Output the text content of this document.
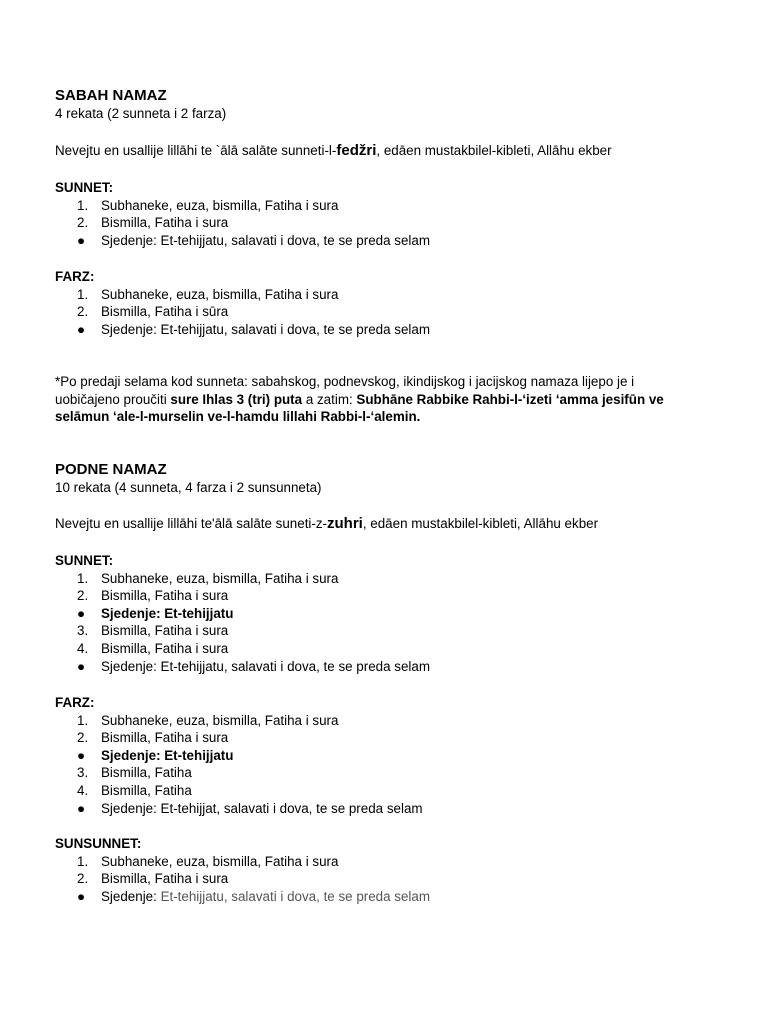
SABAH NAMAZ

4 rekata (2 sunneta i 2 farza)

Nevejtu en usallije lillāhi te `ālā salāte sunneti-l-fedžri, edāen mustakbilel-kibleti, Allāhu ekber

SUNNET:

1. Subhaneke, euza, bismilla, Fatiha i sura
2. Bismilla, Fatiha i sura
●	Sjedenje: Et-tehijjatu, salavati i dova, te se preda selam

FARZ:

1. Subhaneke, euza, bismilla, Fatiha i sura
2. Bismilla, Fatiha i sūra
●	Sjedenje: Et-tehijjatu, salavati i dova, te se preda selam

*Po predaji selama kod sunneta: sabahskog, podnevskog, ikindijskog i jacijskog namaza lijepo je i

uobičajeno proučiti sure Ihlas 3 (tri) puta a zatim: Subhāne Rabbike Rahbi-l-‘izeti ‘amma jesifūn ve

selāmun ‘ale-l-murselin ve-l-hamdu lillahi Rabbi-l-‘alemin.

PODNE NAMAZ

10 rekata (4 sunneta, 4 farza i 2 sunsunneta)

Nevejtu en usallije lillāhi te'ālā salāte suneti-z-zuhri, edāen mustakbilel-kibleti, Allāhu ekber

SUNNET:

1. Subhaneke, euza, bismilla, Fatiha i sura
2. Bismilla, Fatiha i sura
●	Sjedenje: Et-tehijjatu
3. Bismilla, Fatiha i sura
4. Bismilla, Fatiha i sura
●	Sjedenje: Et-tehijjatu, salavati i dova, te se preda selam

FARZ:

1. Subhaneke, euza, bismilla, Fatiha i sura
2. Bismilla, Fatiha i sura
●	Sjedenje: Et-tehijjatu
3. Bismilla, Fatiha
4. Bismilla, Fatiha
●	Sjedenje: Et-tehijjat, salavati i dova, te se preda selam

SUNSUNNET:

1. Subhaneke, euza, bismilla, Fatiha i sura
2. Bismilla, Fatiha i sura
●	Sjedenje: Et-tehijjatu, salavati i dova, te se preda selam
